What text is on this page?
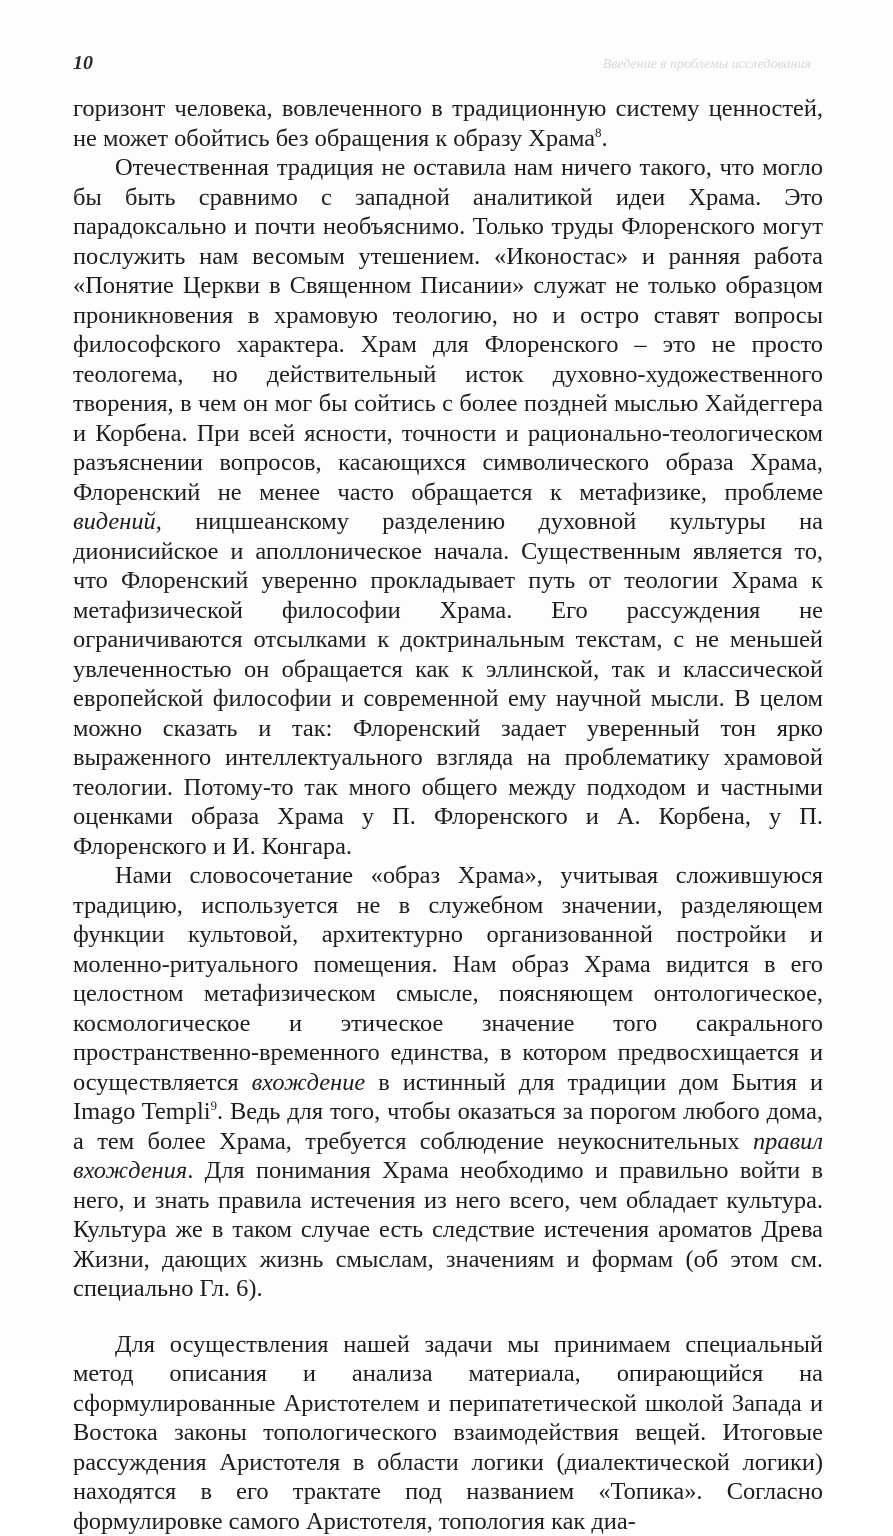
10	Введение в проблемы исследования

горизонт человека, вовлеченного в традиционную систему ценностей, не может обойтись без обращения к образу Храма$^8$.

Отечественная традиция не оставила нам ничего такого, что могло бы быть сравнимо с западной аналитикой идеи Храма. Это парадоксально и почти необъяснимо. Только труды Флоренского могут послужить нам весомым утешением. «Иконостас» и ранняя работа «Понятие Церкви в Священном Писании» служат не только образцом проникновения в храмовую теологию, но и остро ставят вопросы философского характера. Храм для Флоренского – это не просто теологема, но действительный исток духовно-художественного творения, в чем он мог бы сойтись с более поздней мыслью Хайдеггера и Корбена. При всей ясности, точности и рационально-теологическом разъяснении вопросов, касающихся символического образа Храма, Флоренский не менее часто обращается к метафизике, проблеме видений, ницшеанскому разделению духовной культуры на дионисийское и аполлоническое начала. Существенным является то, что Флоренский уверенно прокладывает путь от теологии Храма к метафизической философии Храма. Его рассуждения не ограничиваются отсылками к доктринальным текстам, с не меньшей увлеченностью он обращается как к эллинской, так и классической европейской философии и современной ему научной мысли. В целом можно сказать и так: Флоренский задает уверенный тон ярко выраженного интеллектуального взгляда на проблематику храмовой теологии. Потому-то так много общего между подходом и частными оценками образа Храма у П. Флоренского и А. Корбена, у П. Флоренского и И. Конгара.

Нами словосочетание «образ Храма», учитывая сложившуюся традицию, используется не в служебном значении, разделяющем функции культовой, архитектурно организованной постройки и моленно-ритуального помещения. Нам образ Храма видится в его целостном метафизическом смысле, поясняющем онтологическое, космологическое и этическое значение того сакрального пространственно-временного единства, в котором предвосхищается и осуществляется вхождение в истинный для традиции дом Бытия и Imago Templi$^9$. Ведь для того, чтобы оказаться за порогом любого дома, а тем более Храма, требуется соблюдение неукоснительных правил вхождения. Для понимания Храма необходимо и правильно войти в него, и знать правила истечения из него всего, чем обладает культура. Культура же в таком случае есть следствие истечения ароматов Древа Жизни, дающих жизнь смыслам, значениям и формам (об этом см. специально Гл. 6).

Для осуществления нашей задачи мы принимаем специальный метод описания и анализа материала, опирающийся на сформулированные Аристотелем и перипатетической школой Запада и Востока законы топологического взаимодействия вещей. Итоговые рассуждения Аристотеля в области логики (диалектической логики) находятся в его трактате под названием «Топика». Согласно формулировке самого Аристотеля, топология как диа-
